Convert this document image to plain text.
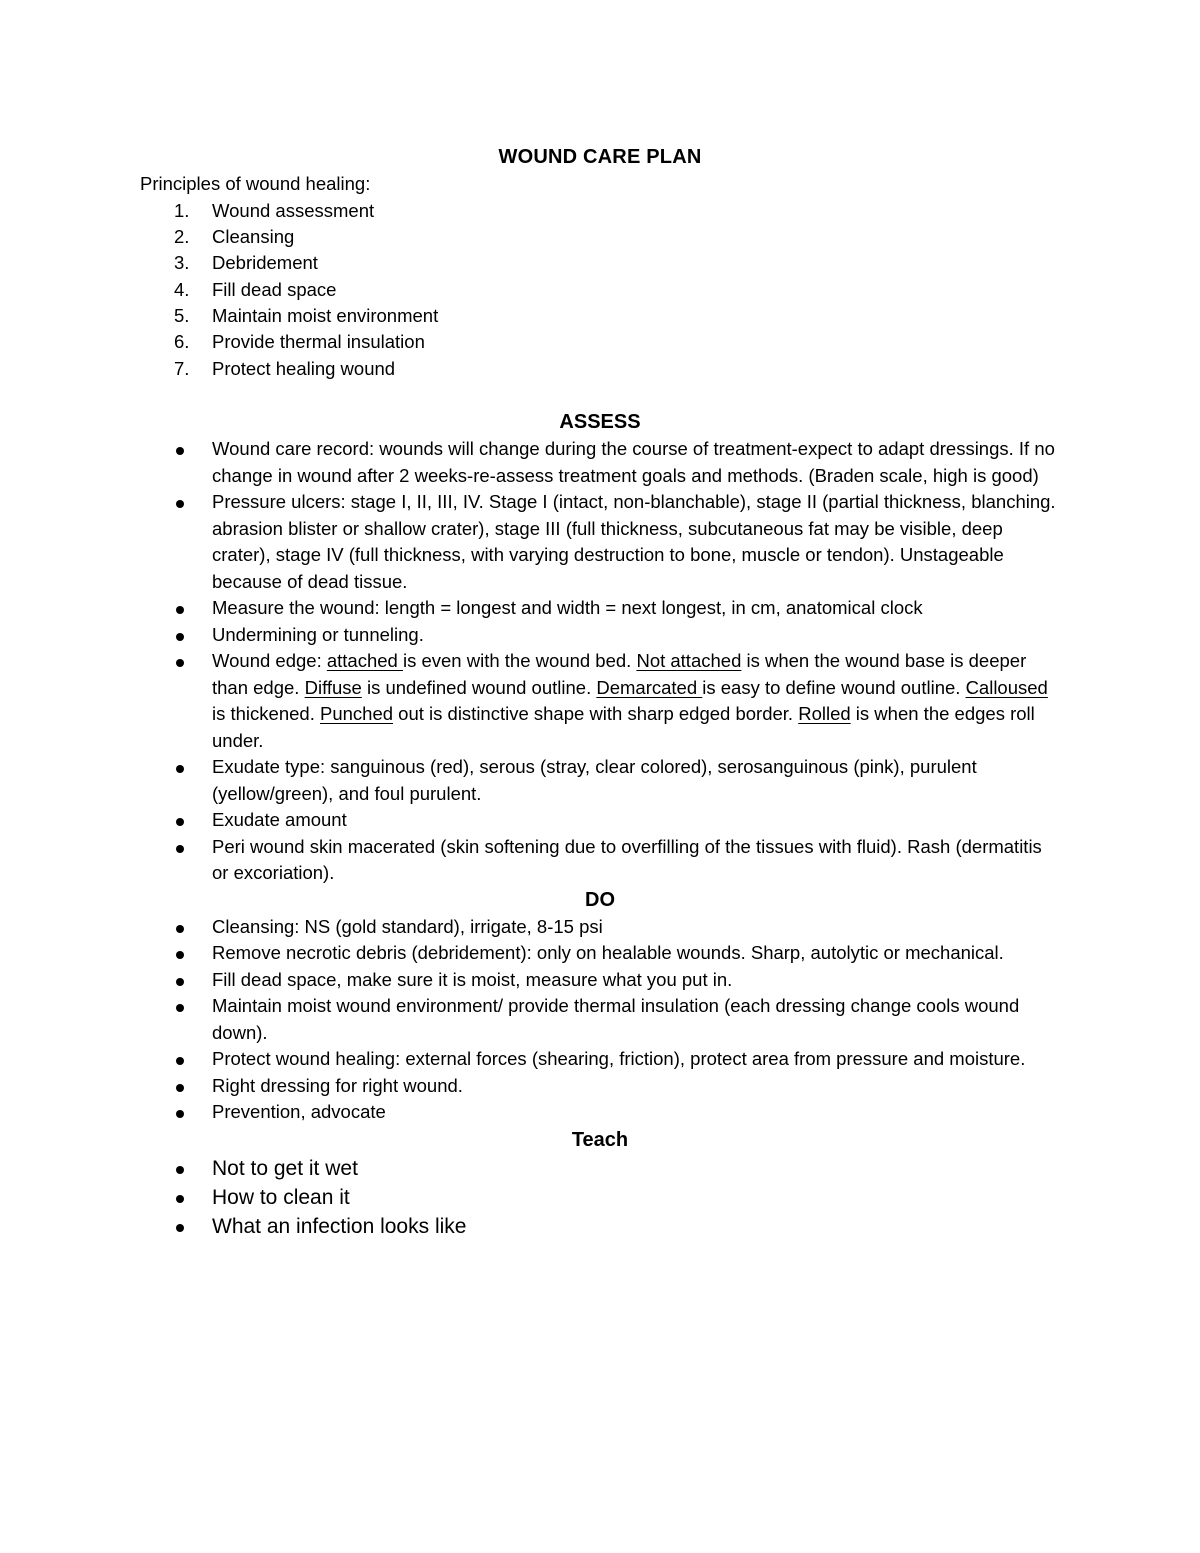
WOUND CARE PLAN

Principles of wound healing:

1.	Wound assessment
2.	Cleansing
3.	Debridement
4.	Fill dead space
5.	Maintain moist environment
6.	Provide thermal insulation
7.	Protect healing wound
ASSESS
Wound care record: wounds will change during the course of treatment-expect to adapt dressings. If no change in wound after 2 weeks-re-assess treatment goals and methods. (Braden scale, high is good)
Pressure ulcers: stage I, II, III, IV. Stage I (intact, non-blanchable), stage II (partial thickness, blanching. abrasion blister or shallow crater), stage III (full thickness, subcutaneous fat may be visible, deep crater), stage IV (full thickness, with varying destruction to bone, muscle or tendon). Unstageable because of dead tissue.
Measure the wound: length = longest and width = next longest, in cm, anatomical clock
Undermining or tunneling.
Wound edge: attached is even with the wound bed. Not attached is when the wound base is deeper than edge. Diffuse is undefined wound outline. Demarcated is easy to define wound outline. Calloused is thickened. Punched out is distinctive shape with sharp edged border. Rolled is when the edges roll under.
Exudate type: sanguinous (red), serous (stray, clear colored), serosanguinous (pink), purulent (yellow/green), and foul purulent.
Exudate amount
Peri wound skin macerated (skin softening due to overfilling of the tissues with fluid). Rash (dermatitis or excoriation).
DO
Cleansing: NS (gold standard), irrigate, 8-15 psi
Remove necrotic debris (debridement): only on healable wounds. Sharp, autolytic or mechanical.
Fill dead space, make sure it is moist, measure what you put in.
Maintain moist wound environment/ provide thermal insulation (each dressing change cools wound down).
Protect wound healing: external forces (shearing, friction), protect area from pressure and moisture.
Right dressing for right wound.
Prevention, advocate
Teach
Not to get it wet
How to clean it
What an infection looks like
